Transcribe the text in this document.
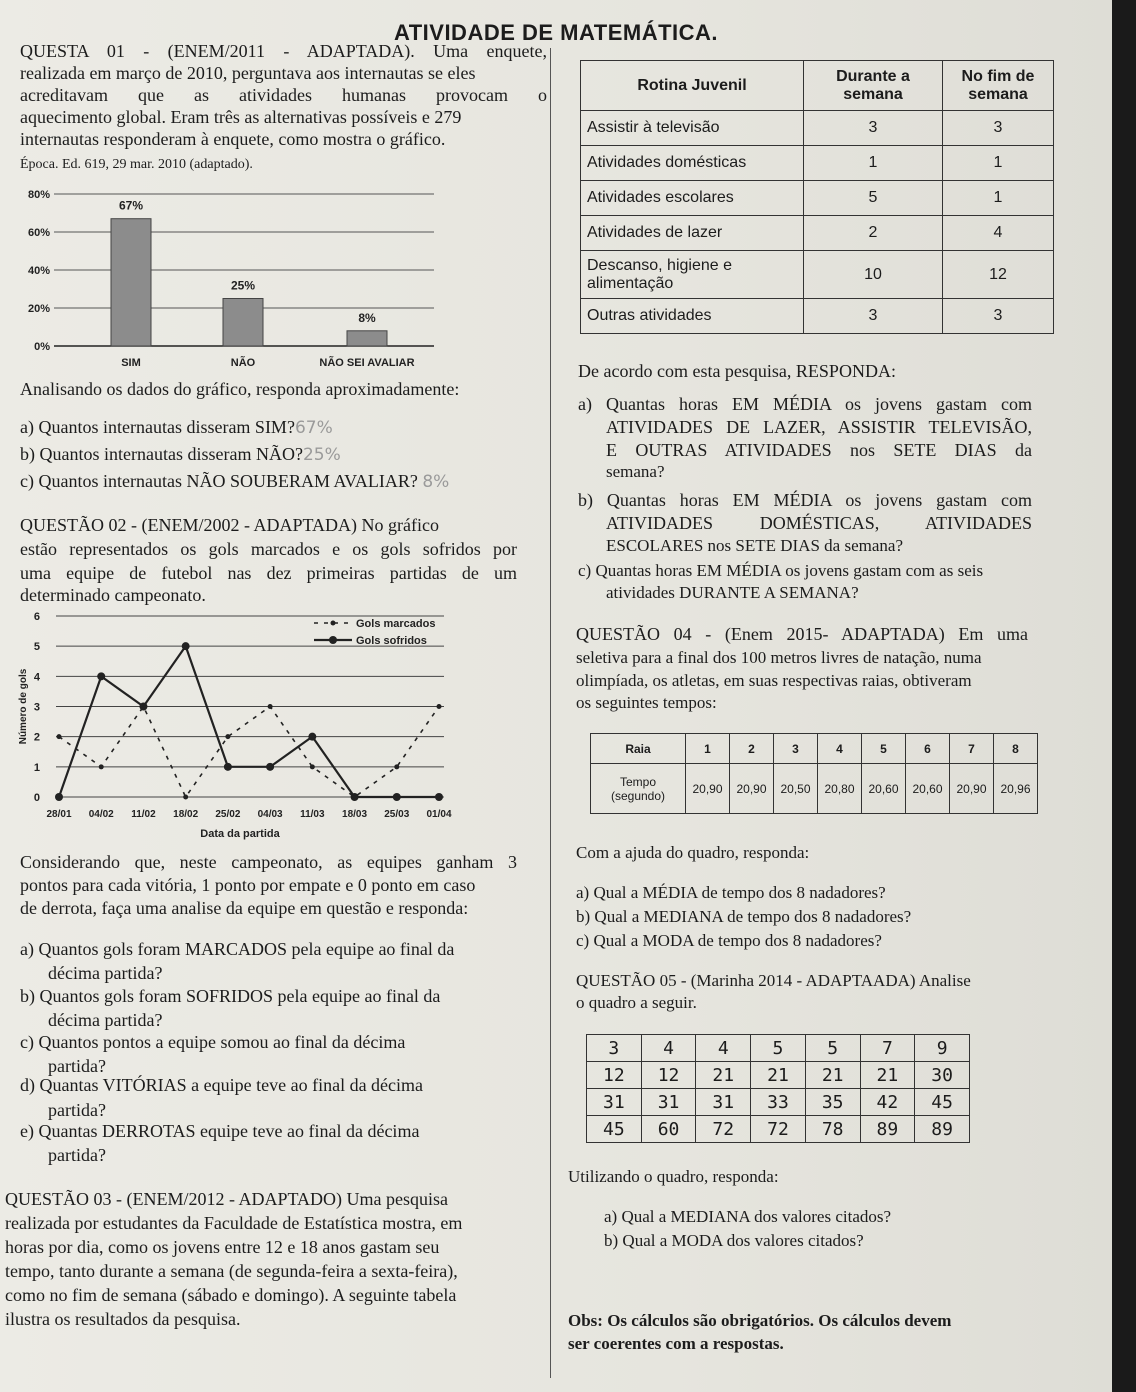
ATIVIDADE DE MATEMÁTICA.
QUESTA 01 - (ENEM/2011 - ADAPTADA). Uma enquete,
realizada em março de 2010, perguntava aos internautas se eles
acreditavam que as atividades humanas provocam o
aquecimento global. Eram três as alternativas possíveis e 279
internautas responderam à enquete, como mostra o gráfico.
Época. Ed. 619, 29 mar. 2010 (adaptado).
0%
20%
40%
60%
80%
67%
SIM
25%
NÃO
8%
NÃO SEI AVALIAR
Analisando os dados do gráfico, responda aproximadamente:
a) Quantos internautas disseram SIM?67%
b) Quantos internautas disseram NÃO?25%
c) Quantos internautas NÃO SOUBERAM AVALIAR? 8%
QUESTÃO 02 - (ENEM/2002 - ADAPTADA) No gráfico
estão representados os gols marcados e os gols sofridos por
uma equipe de futebol nas dez primeiras partidas de um
determinado campeonato.
0
1
2
3
4
5
6
Número de gols
28/01 04/02 11/02 18/02 25/02 04/03 11/03 18/03 25/03 01/04
Data da partida
Gols marcados
Gols sofridos
Considerando que, neste campeonato, as equipes ganham 3
pontos para cada vitória, 1 ponto por empate e 0 ponto em caso
de derrota, faça uma analise da equipe em questão e responda:
a) Quantos gols foram MARCADOS pela equipe ao final da
décima partida?
b) Quantos gols foram SOFRIDOS pela equipe ao final da
décima partida?
c) Quantos pontos a equipe somou ao final da décima
partida?
d) Quantas VITÓRIAS a equipe teve ao final da décima
partida?
e) Quantas DERROTAS equipe teve ao final da décima
partida?
QUESTÃO 03 - (ENEM/2012 - ADAPTADO) Uma pesquisa
realizada por estudantes da Faculdade de Estatística mostra, em
horas por dia, como os jovens entre 12 e 18 anos gastam seu
tempo, tanto durante a semana (de segunda-feira a sexta-feira),
como no fim de semana (sábado e domingo). A seguinte tabela
ilustra os resultados da pesquisa.
Rotina Juvenil	Durante a semana	No fim de semana
Assistir à televisão	3	3
Atividades domésticas	1	1
Atividades escolares	5	1
Atividades de lazer	2	4
Descanso, higiene e alimentação	10	12
Outras atividades	3	3
De acordo com esta pesquisa, RESPONDA:
a) Quantas horas EM MÉDIA os jovens gastam com
ATIVIDADES DE LAZER, ASSISTIR TELEVISÃO,
E OUTRAS ATIVIDADES nos SETE DIAS da
semana?
b) Quantas horas EM MÉDIA os jovens gastam com
ATIVIDADES DOMÉSTICAS, ATIVIDADES
ESCOLARES nos SETE DIAS da semana?
c) Quantas horas EM MÉDIA os jovens gastam com as seis
atividades DURANTE A SEMANA?
QUESTÃO 04 - (Enem 2015- ADAPTADA) Em uma
seletiva para a final dos 100 metros livres de natação, numa
olimpíada, os atletas, em suas respectivas raias, obtiveram
os seguintes tempos:
Raia	1	2	3	4	5	6	7	8
Tempo (segundo)	20,90	20,90	20,50	20,80	20,60	20,60	20,90	20,96
Com a ajuda do quadro, responda:
a) Qual a MÉDIA de tempo dos 8 nadadores?
b) Qual a MEDIANA de tempo dos 8 nadadores?
c) Qual a MODA de tempo dos 8 nadadores?
QUESTÃO 05 - (Marinha 2014 - ADAPTAADA) Analise
o quadro a seguir.
3	4	4	5	5	7	9
12	12	21	21	21	21	30
31	31	31	33	35	42	45
45	60	72	72	78	89	89
Utilizando o quadro, responda:
a) Qual a MEDIANA dos valores citados?
b) Qual a MODA dos valores citados?
Obs: Os cálculos são obrigatórios. Os cálculos devem
ser coerentes com a respostas.
